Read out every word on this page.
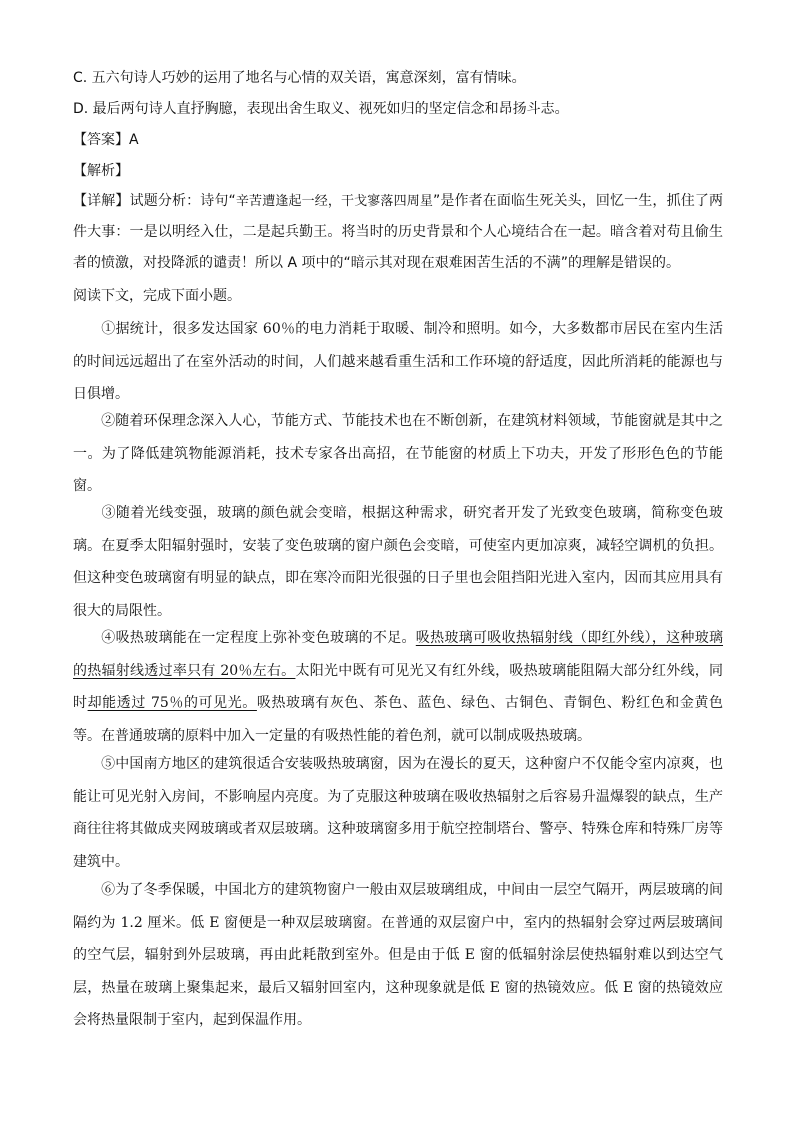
C. 五六句诗人巧妙的运用了地名与心情的双关语，寓意深刻，富有情味。
D. 最后两句诗人直抒胸臆，表现出舍生取义、视死如归的坚定信念和昂扬斗志。
【答案】A
【解析】
【详解】试题分析：诗句“辛苦遭逢起一经，干戈寥落四周星”是作者在面临生死关头，回忆一生，抓住了两件大事：一是以明经入仕，二是起兵勤王。将当时的历史背景和个人心境结合在一起。暗含着对苟且偷生者的愤激，对投降派的谴责！所以 A 项中的“暗示其对现在艰难困苦生活的不满”的理解是错误的。
阅读下文，完成下面小题。
①据统计，很多发达国家 60％的电力消耗于取暖、制冷和照明。如今，大多数都市居民在室内生活的时间远远超出了在室外活动的时间，人们越来越看重生活和工作环境的舒适度，因此所消耗的能源也与日俱增。
②随着环保理念深入人心，节能方式、节能技术也在不断创新，在建筑材料领域，节能窗就是其中之一。为了降低建筑物能源消耗，技术专家各出高招，在节能窗的材质上下功夫，开发了形形色色的节能窗。
③随着光线变强，玻璃的颜色就会变暗，根据这种需求，研究者开发了光致变色玻璃，简称变色玻璃。在夏季太阳辐射强时，安装了变色玻璃的窗户颜色会变暗，可使室内更加凉爽，减轻空调机的负担。但这种变色玻璃窗有明显的缺点，即在寒冷而阳光很强的日子里也会阻挡阳光进入室内，因而其应用具有很大的局限性。
④吸热玻璃能在一定程度上弥补变色玻璃的不足。吸热玻璃可吸收热辐射线（即红外线），这种玻璃的热辐射线透过率只有 20％左右。太阳光中既有可见光又有红外线，吸热玻璃能阻隔大部分红外线，同时却能透过 75％的可见光。吸热玻璃有灰色、茶色、蓝色、绿色、古铜色、青铜色、粉红色和金黄色等。在普通玻璃的原料中加入一定量的有吸热性能的着色剂，就可以制成吸热玻璃。
⑤中国南方地区的建筑很适合安装吸热玻璃窗，因为在漫长的夏天，这种窗户不仅能令室内凉爽，也能让可见光射入房间，不影响屋内亮度。为了克服这种玻璃在吸收热辐射之后容易升温爆裂的缺点，生产商往往将其做成夹网玻璃或者双层玻璃。这种玻璃窗多用于航空控制塔台、警亭、特殊仓库和特殊厂房等建筑中。
⑥为了冬季保暖，中国北方的建筑物窗户一般由双层玻璃组成，中间由一层空气隔开，两层玻璃的间隔约为 1.2 厘米。低 E 窗便是一种双层玻璃窗。在普通的双层窗户中，室内的热辐射会穿过两层玻璃间的空气层，辐射到外层玻璃，再由此耗散到室外。但是由于低 E 窗的低辐射涂层使热辐射难以到达空气层，热量在玻璃上聚集起来，最后又辐射回室内，这种现象就是低 E 窗的热镜效应。低 E 窗的热镜效应会将热量限制于室内，起到保温作用。
